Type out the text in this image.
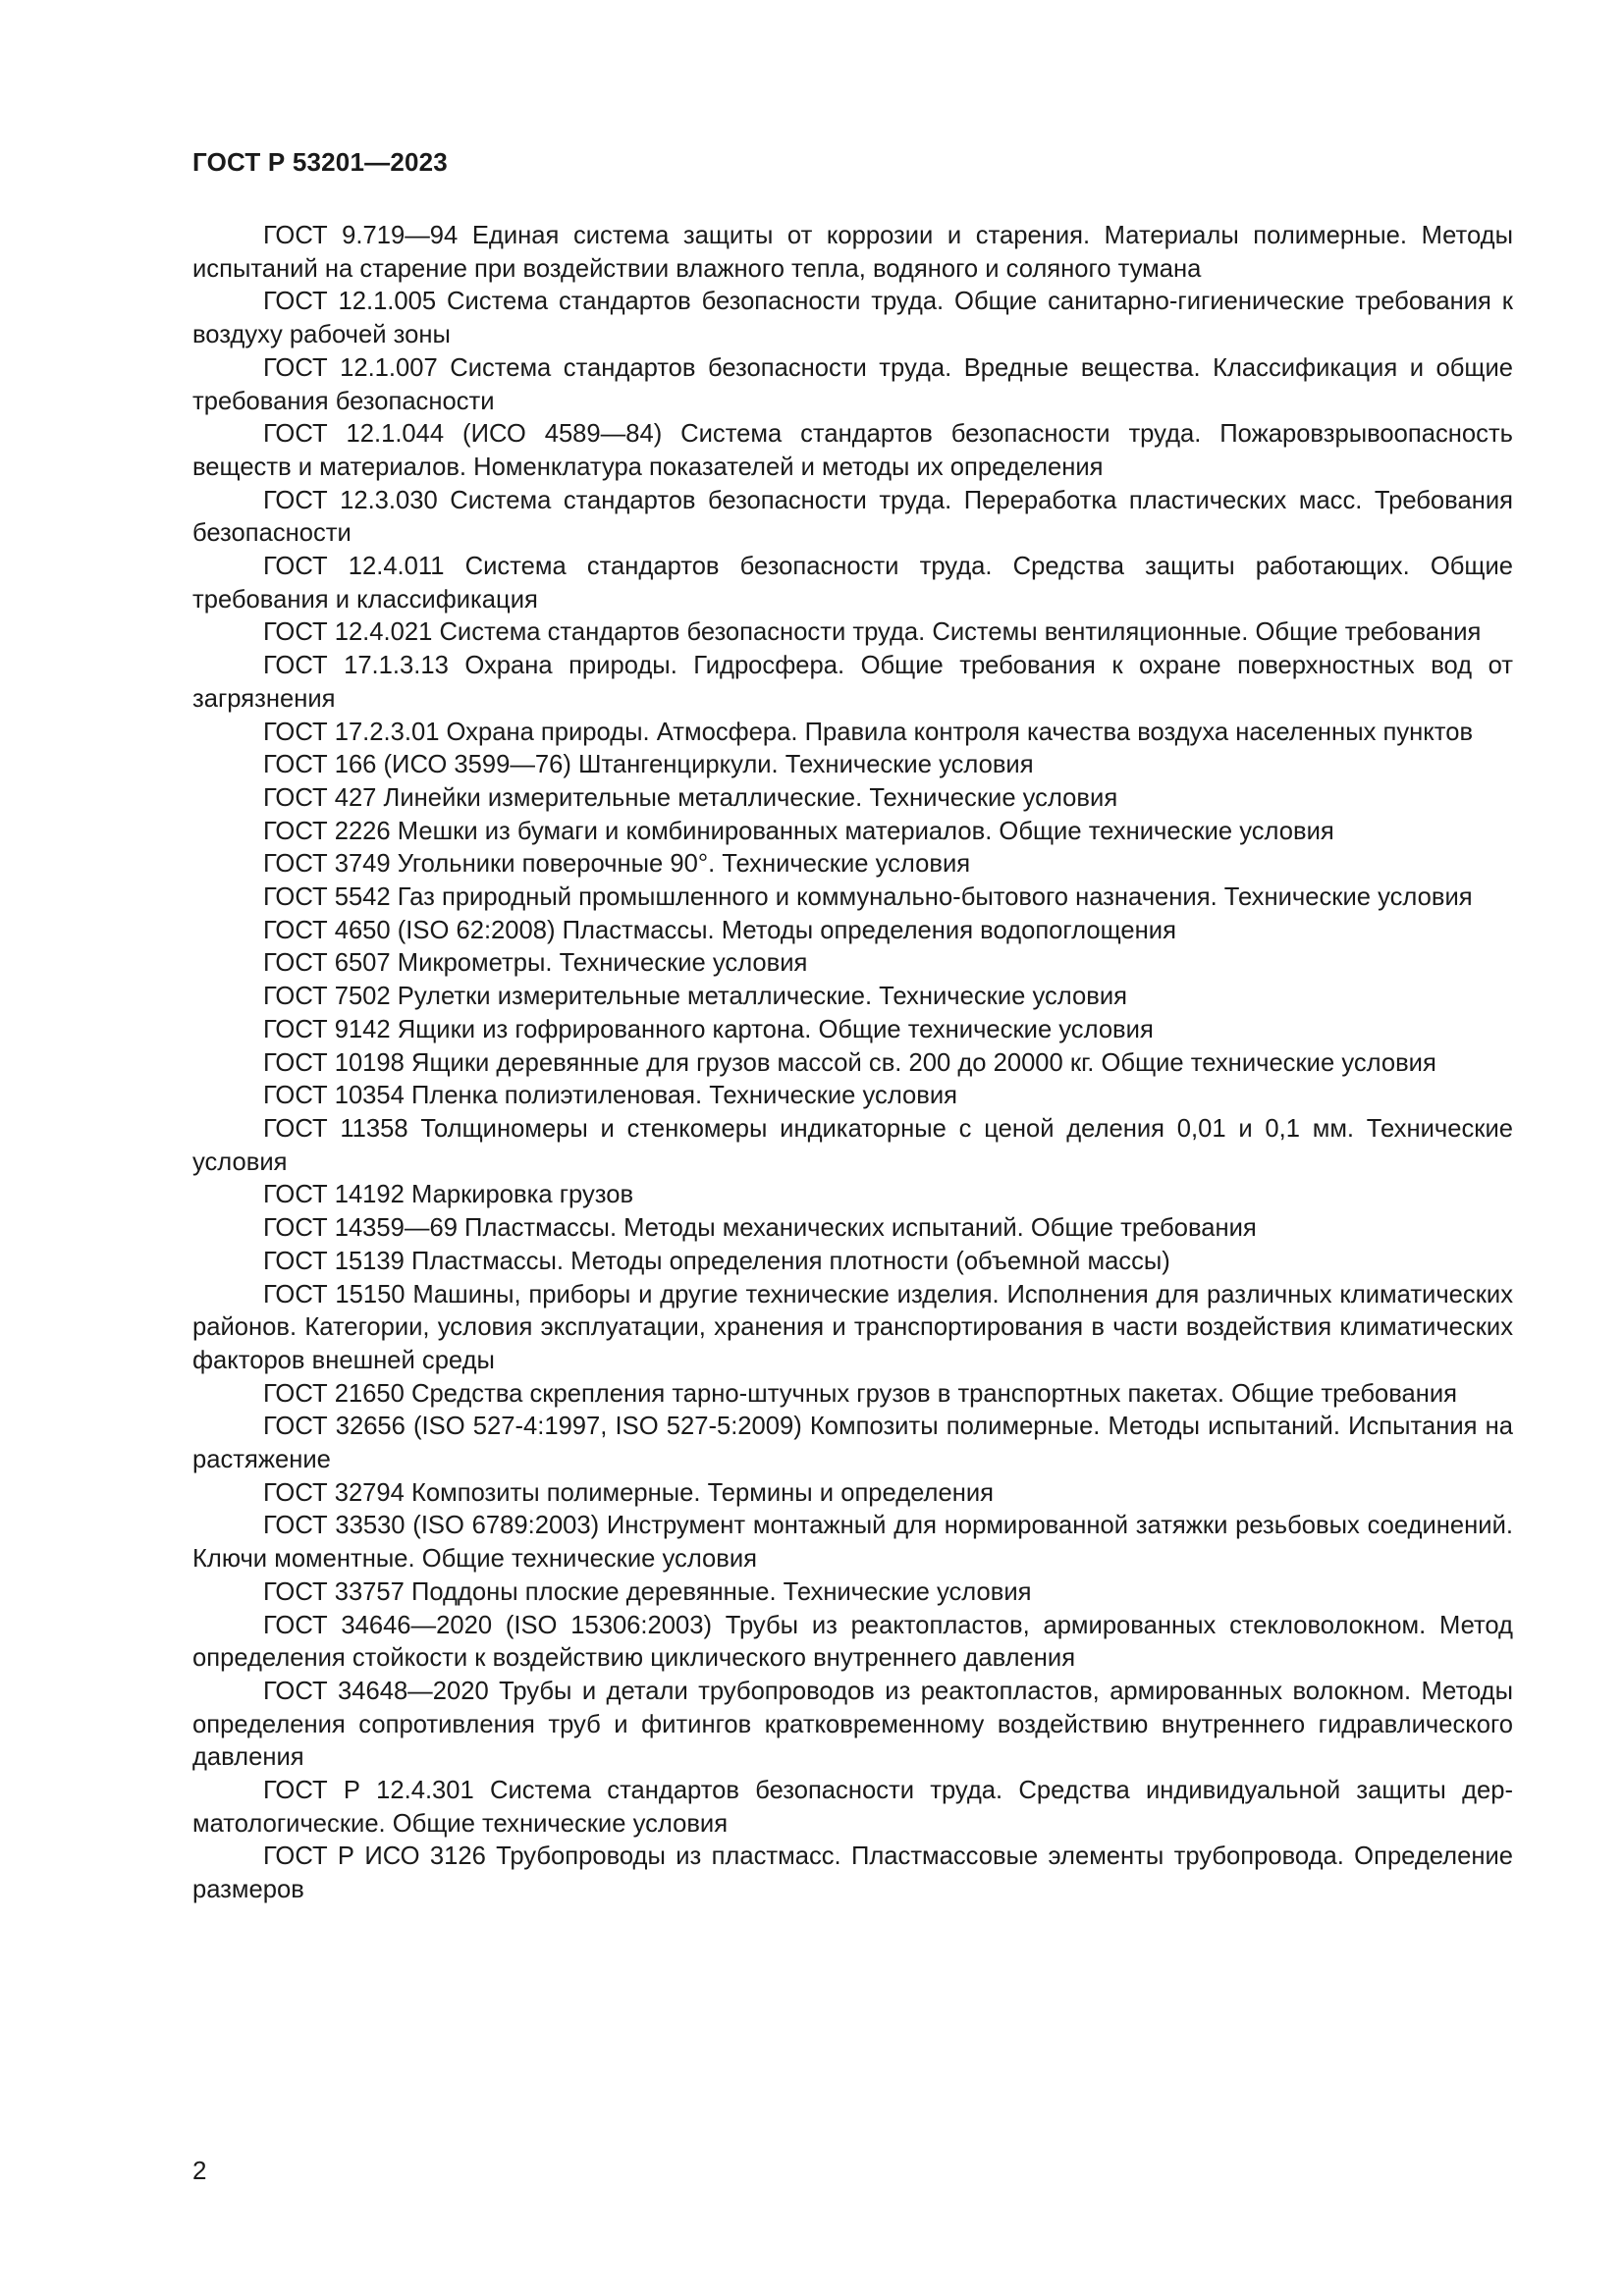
ГОСТ Р 53201—2023
ГОСТ 9.719—94 Единая система защиты от коррозии и старения. Материалы полимерные. Методы испытаний на старение при воздействии влажного тепла, водяного и соляного тумана
ГОСТ 12.1.005 Система стандартов безопасности труда. Общие санитарно-гигиенические требования к воздуху рабочей зоны
ГОСТ 12.1.007 Система стандартов безопасности труда. Вредные вещества. Классификация и общие требования безопасности
ГОСТ 12.1.044 (ИСО 4589—84) Система стандартов безопасности труда. Пожаровзрывоопасность веществ и материалов. Номенклатура показателей и методы их определения
ГОСТ 12.3.030 Система стандартов безопасности труда. Переработка пластических масс. Требования безопасности
ГОСТ 12.4.011 Система стандартов безопасности труда. Средства защиты работающих. Общие требования и классификация
ГОСТ 12.4.021 Система стандартов безопасности труда. Системы вентиляционные. Общие требования
ГОСТ 17.1.3.13 Охрана природы. Гидросфера. Общие требования к охране поверхностных вод от загрязнения
ГОСТ 17.2.3.01 Охрана природы. Атмосфера. Правила контроля качества воздуха населенных пунктов
ГОСТ 166 (ИСО 3599—76) Штангенциркули. Технические условия
ГОСТ 427 Линейки измерительные металлические. Технические условия
ГОСТ 2226 Мешки из бумаги и комбинированных материалов. Общие технические условия
ГОСТ 3749 Угольники поверочные 90°. Технические условия
ГОСТ 5542 Газ природный промышленного и коммунально-бытового назначения. Технические условия
ГОСТ 4650 (ISO 62:2008) Пластмассы. Методы определения водопоглощения
ГОСТ 6507 Микрометры. Технические условия
ГОСТ 7502 Рулетки измерительные металлические. Технические условия
ГОСТ 9142 Ящики из гофрированного картона. Общие технические условия
ГОСТ 10198 Ящики деревянные для грузов массой св. 200 до 20000 кг. Общие технические условия
ГОСТ 10354 Пленка полиэтиленовая. Технические условия
ГОСТ 11358 Толщиномеры и стенкомеры индикаторные с ценой деления 0,01 и 0,1 мм. Технические условия
ГОСТ 14192 Маркировка грузов
ГОСТ 14359—69 Пластмассы. Методы механических испытаний. Общие требования
ГОСТ 15139 Пластмассы. Методы определения плотности (объемной массы)
ГОСТ 15150 Машины, приборы и другие технические изделия. Исполнения для различных климатических районов. Категории, условия эксплуатации, хранения и транспортирования в части воздействия климатических факторов внешней среды
ГОСТ 21650 Средства скрепления тарно-штучных грузов в транспортных пакетах. Общие требования
ГОСТ 32656 (ISO 527-4:1997, ISO 527-5:2009) Композиты полимерные. Методы испытаний. Испытания на растяжение
ГОСТ 32794 Композиты полимерные. Термины и определения
ГОСТ 33530 (ISO 6789:2003) Инструмент монтажный для нормированной затяжки резьбовых соединений. Ключи моментные. Общие технические условия
ГОСТ 33757 Поддоны плоские деревянные. Технические условия
ГОСТ 34646—2020 (ISO 15306:2003) Трубы из реактопластов, армированных стекловолокном. Метод определения стойкости к воздействию циклического внутреннего давления
ГОСТ 34648—2020 Трубы и детали трубопроводов из реактопластов, армированных волокном. Методы определения сопротивления труб и фитингов кратковременному воздействию внутреннего гидравлического давления
ГОСТ Р 12.4.301 Система стандартов безопасности труда. Средства индивидуальной защиты дерматологические. Общие технические условия
ГОСТ Р ИСО 3126 Трубопроводы из пластмасс. Пластмассовые элементы трубопровода. Определение размеров
2
